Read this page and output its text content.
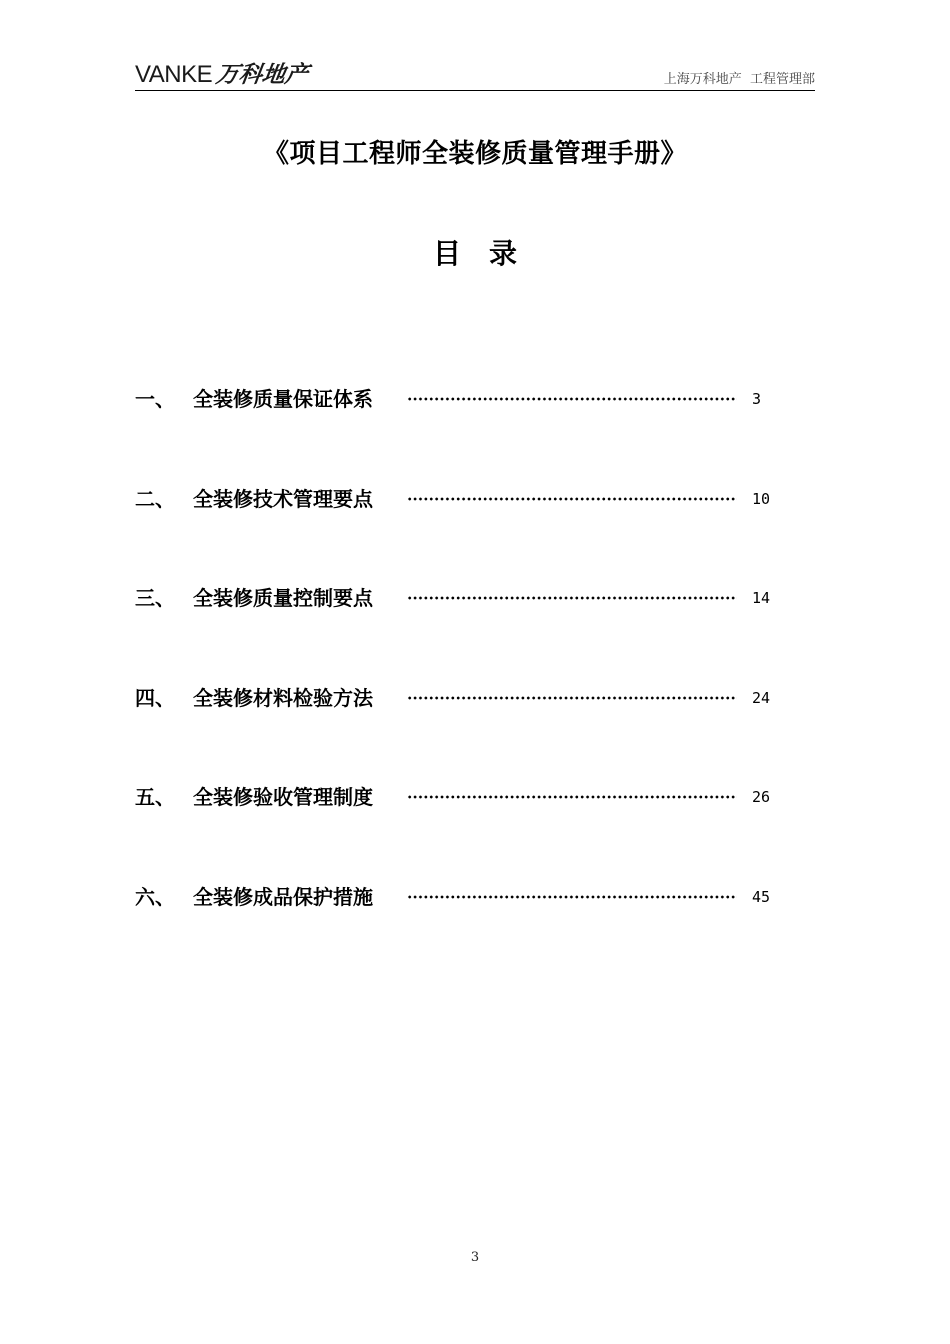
VANKE 万科地产	上海万科地产  工程管理部
《项目工程师全装修质量管理手册》
目　录
一、 全装修质量保证体系	3
二、 全装修技术管理要点	10
三、 全装修质量控制要点	14
四、 全装修材料检验方法	24
五、 全装修验收管理制度	26
六、 全装修成品保护措施	45
3
